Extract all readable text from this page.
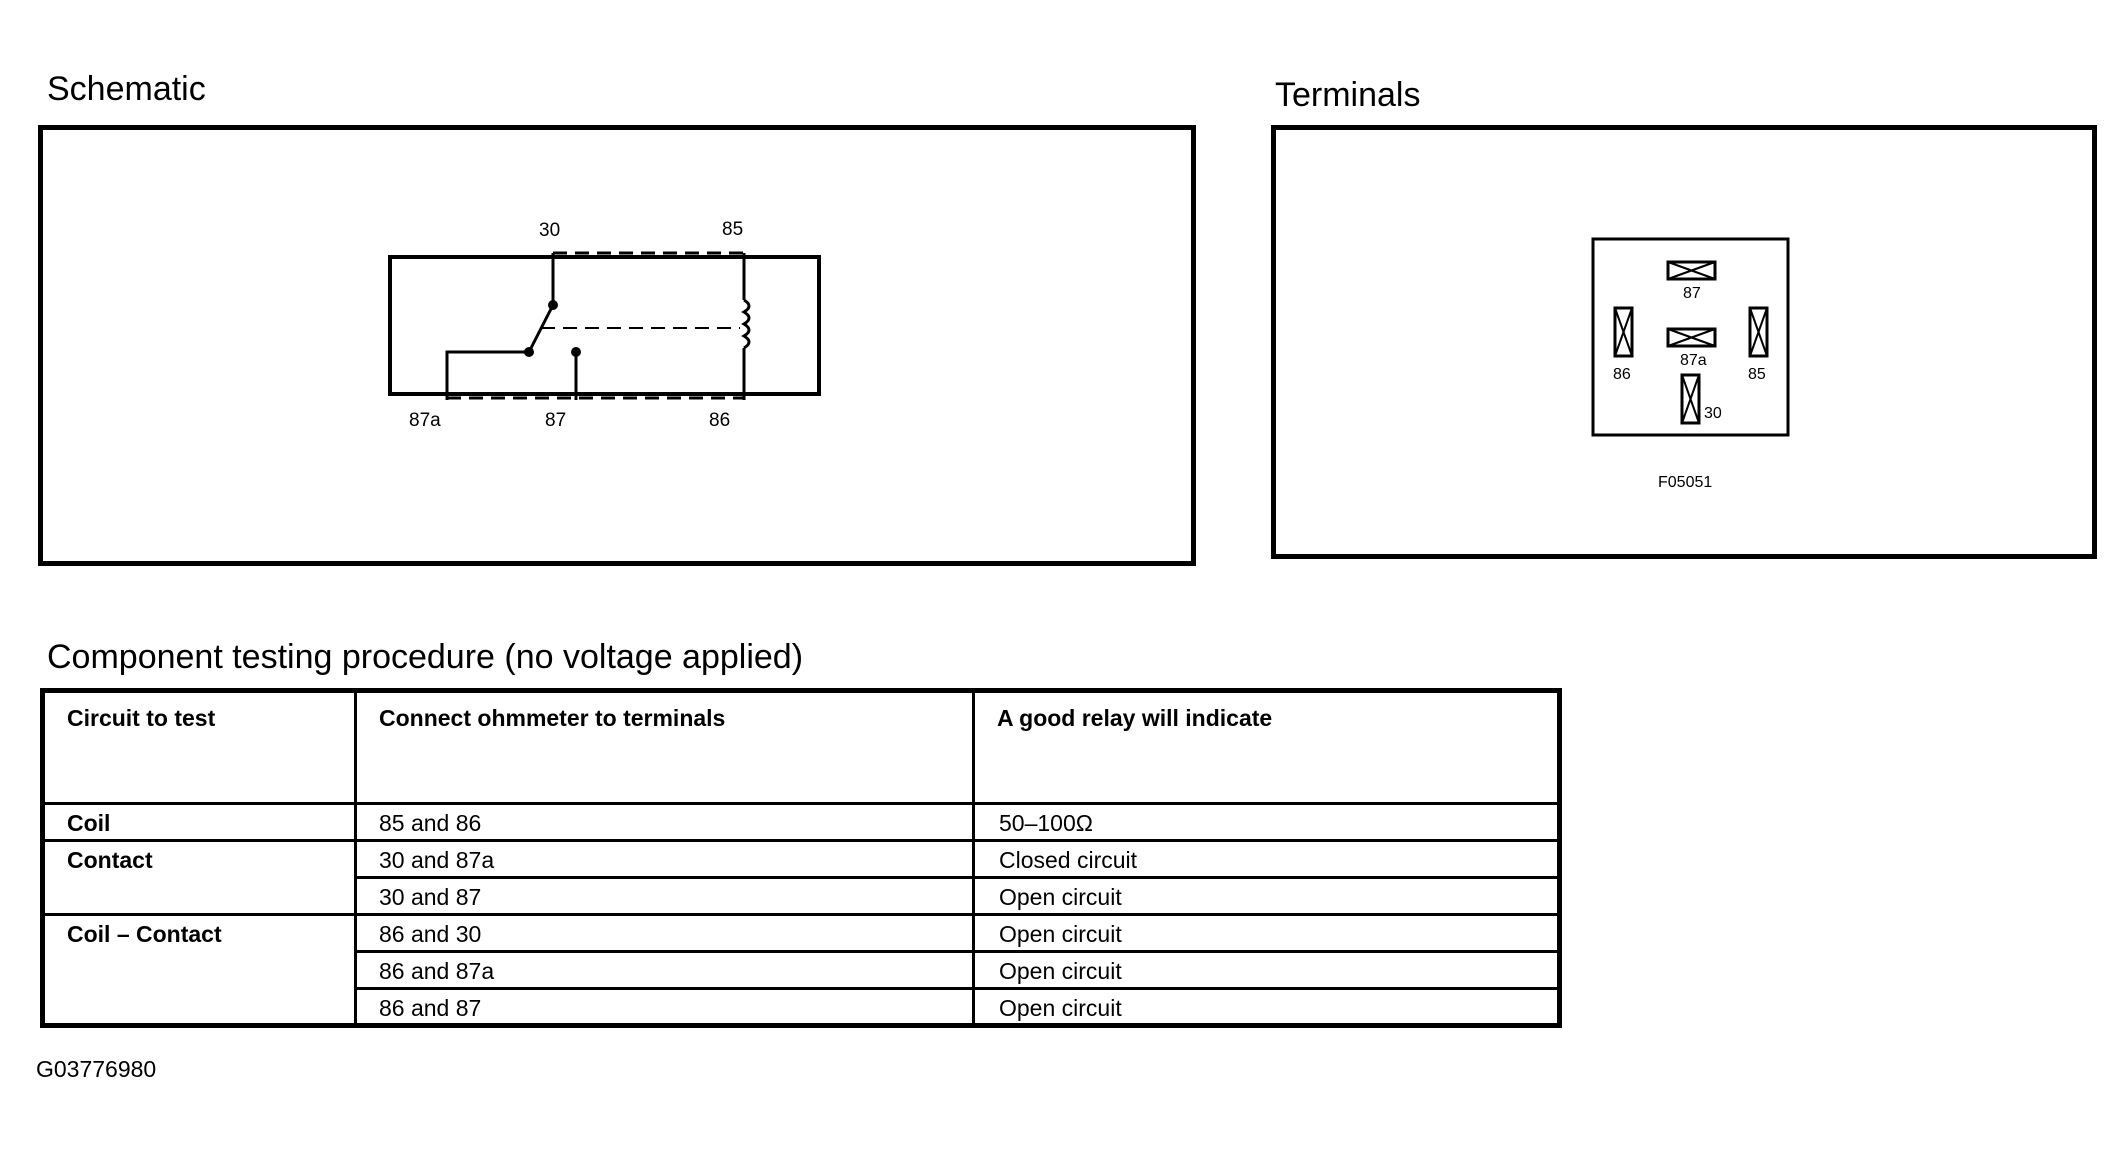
Schematic
30	85
87a	87	86
Terminals
87
87a
86	85
30
F05051
Component testing procedure (no voltage applied)
Circuit to test	Connect ohmmeter to terminals	A good relay will indicate
Coil	85 and 86	50–100Ω
Contact	30 and 87a	Closed circuit
	30 and 87	Open circuit
Coil – Contact	86 and 30	Open circuit
	86 and 87a	Open circuit
	86 and 87	Open circuit
G03776980
